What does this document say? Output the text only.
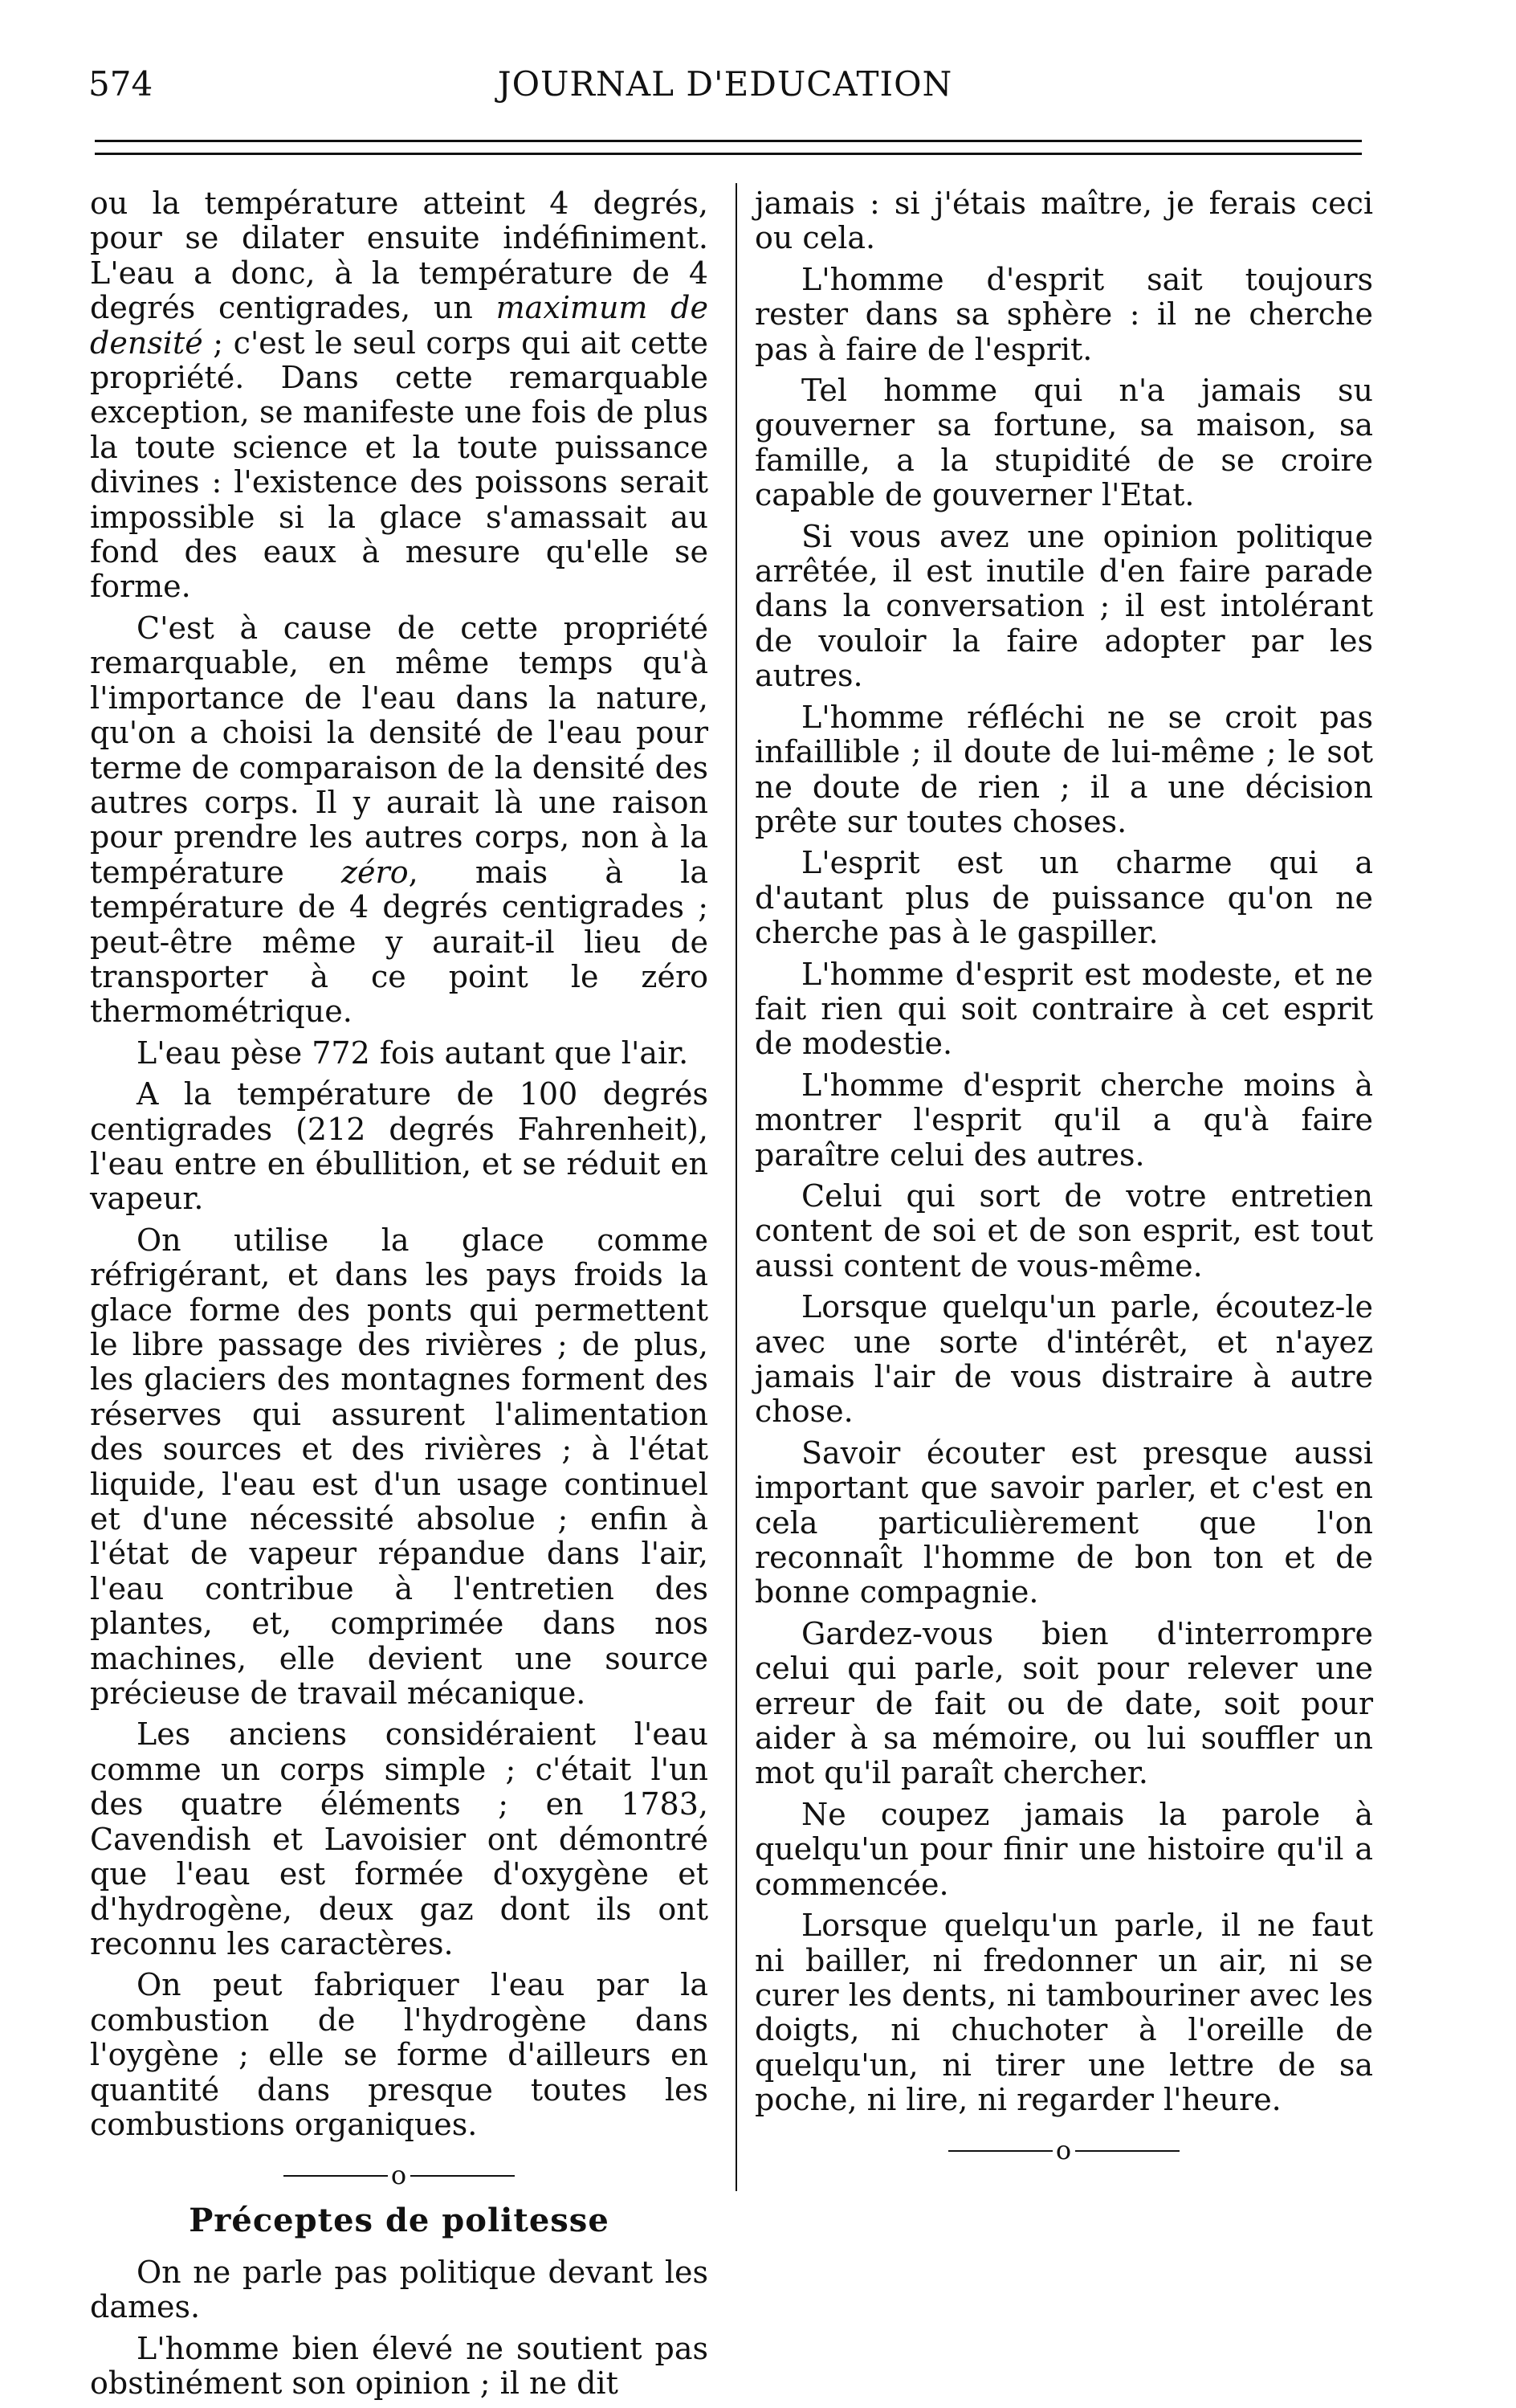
574	JOURNAL D'EDUCATION

ou la température atteint 4 degrés, pour se dilater ensuite indéfiniment. L'eau a donc, à la température de 4 degrés centigrades, un maximum de densité ; c'est le seul corps qui ait cette propriété. Dans cette remarquable exception, se manifeste une fois de plus la toute science et la toute puissance divines : l'existence des poissons serait impossible si la glace s'amassait au fond des eaux à mesure qu'elle se forme.

C'est à cause de cette propriété remarquable, en même temps qu'à l'importance de l'eau dans la nature, qu'on a choisi la densité de l'eau pour terme de comparaison de la densité des autres corps. Il y aurait là une raison pour prendre les autres corps, non à la température zéro, mais à la température de 4 degrés centigrades ; peut-être même y aurait-il lieu de transporter à ce point le zéro thermométrique.

L'eau pèse 772 fois autant que l'air.

A la température de 100 degrés centigrades (212 degrés Fahrenheit), l'eau entre en ébullition, et se réduit en vapeur.

On utilise la glace comme réfrigérant, et dans les pays froids la glace forme des ponts qui permettent le libre passage des rivières ; de plus, les glaciers des montagnes forment des réserves qui assurent l'alimentation des sources et des rivières ; à l'état liquide, l'eau est d'un usage continuel et d'une nécessité absolue ; enfin à l'état de vapeur répandue dans l'air, l'eau contribue à l'entretien des plantes, et, comprimée dans nos machines, elle devient une source précieuse de travail mécanique.

Les anciens considéraient l'eau comme un corps simple ; c'était l'un des quatre éléments ; en 1783, Cavendish et Lavoisier ont démontré que l'eau est formée d'oxygène et d'hydrogène, deux gaz dont ils ont reconnu les caractères.

On peut fabriquer l'eau par la combustion de l'hydrogène dans l'oygène ; elle se forme d'ailleurs en quantité dans presque toutes les combustions organiques.

o
Préceptes de politesse

On ne parle pas politique devant les dames.

L'homme bien élevé ne soutient pas obstinément son opinion ; il ne dit

jamais : si j'étais maître, je ferais ceci ou cela.

L'homme d'esprit sait toujours rester dans sa sphère : il ne cherche pas à faire de l'esprit.

Tel homme qui n'a jamais su gouverner sa fortune, sa maison, sa famille, a la stupidité de se croire capable de gouverner l'Etat.

Si vous avez une opinion politique arrêtée, il est inutile d'en faire parade dans la conversation ; il est intolérant de vouloir la faire adopter par les autres.

L'homme réfléchi ne se croit pas infaillible ; il doute de lui-même ; le sot ne doute de rien ; il a une décision prête sur toutes choses.

L'esprit est un charme qui a d'autant plus de puissance qu'on ne cherche pas à le gaspiller.

L'homme d'esprit est modeste, et ne fait rien qui soit contraire à cet esprit de modestie.

L'homme d'esprit cherche moins à montrer l'esprit qu'il a qu'à faire paraître celui des autres.

Celui qui sort de votre entretien content de soi et de son esprit, est tout aussi content de vous-même.

Lorsque quelqu'un parle, écoutez-le avec une sorte d'intérêt, et n'ayez jamais l'air de vous distraire à autre chose.

Savoir écouter est presque aussi important que savoir parler, et c'est en cela particulièrement que l'on reconnaît l'homme de bon ton et de bonne compagnie.

Gardez-vous bien d'interrompre celui qui parle, soit pour relever une erreur de fait ou de date, soit pour aider à sa mémoire, ou lui souffler un mot qu'il paraît chercher.

Ne coupez jamais la parole à quelqu'un pour finir une histoire qu'il a commencée.

Lorsque quelqu'un parle, il ne faut ni bailler, ni fredonner un air, ni se curer les dents, ni tambouriner avec les doigts, ni chuchoter à l'oreille de quelqu'un, ni tirer une lettre de sa poche, ni lire, ni regarder l'heure.

o
